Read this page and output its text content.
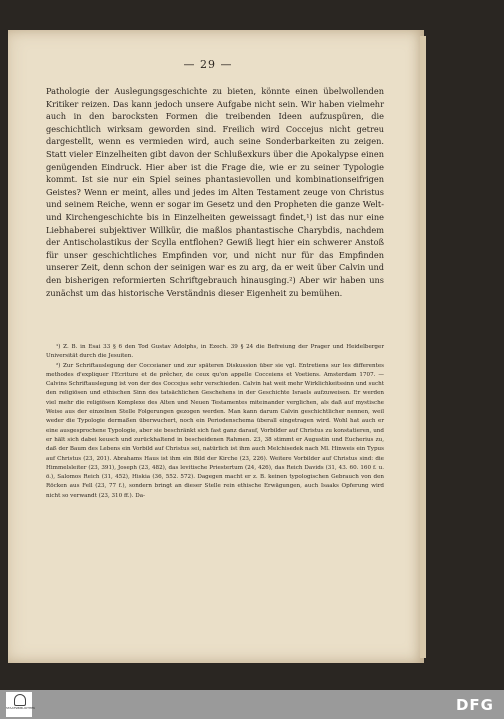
— 29 —

Pathologie der Auslegungsgeschichte zu bieten, könnte einen übelwollenden Kritiker reizen. Das kann jedoch unsere Aufgabe nicht sein. Wir haben vielmehr auch in den barocksten Formen die treibenden Ideen aufzuspüren, die geschichtlich wirksam geworden sind. Freilich wird Coccejus nicht getreu dargestellt, wenn es vermieden wird, auch seine Sonderbarkeiten zu zeigen. Statt vieler Einzelheiten gibt davon der Schlußexkurs über die Apokalypse einen genügenden Eindruck. Hier aber ist die Frage die, wie er zu seiner Typologie kommt. Ist sie nur ein Spiel seines phantasievollen und kombinationseifrigen Geistes? Wenn er meint, alles und jedes im Alten Testament zeuge von Christus und seinem Reiche, wenn er sogar im Gesetz und den Propheten die ganze Welt- und Kirchengeschichte bis in Einzelheiten geweissagt findet,¹) ist das nur eine Liebhaberei subjektiver Willkür, die maßlos phantastische Charybdis, nachdem der Antischolastikus der Scylla entflohen? Gewiß liegt hier ein schwerer Anstoß für unser geschichtliches Empfinden vor, und nicht nur für das Empfinden unserer Zeit, denn schon der seinigen war es zu arg, da er weit über Calvin und den bisherigen reformierten Schriftgebrauch hinausging.²) Aber wir haben uns zunächst um das historische Verständnis dieser Eigenheit zu bemühen.

¹) Z. B. in Esai 33 § 6 den Tod Gustav Adolphs, in Ezech. 39 § 24 die Befreiung der Prager und Heidelberger Universität durch die Jesuiten.

²) Zur Schriftauslegung der Cocceianer und zur späteren Diskussion über sie vgl. Entretiens sur les differentes methodes d'expliquer l'Ecriture et de prêcher, de ceux qu'on appelle Cocceiens et Voetiens. Amsterdam 1707. — Calvins Schriftauslegung ist von der des Coccejus sehr verschieden. Calvin hat weit mehr Wirklichkeitssinn und sucht den religiösen und ethischen Sinn des tatsächlichen Geschehens in der Geschichte Israels aufzuweisen. Er werden viel mehr die religiösen Komplexe des Alten und Neuen Testamentes miteinander verglichen, als daß auf mystische Weise aus der einzelnen Stelle Folgerungen gezogen werden. Man kann darum Calvin geschichtlicher nennen, weil weder die Typologie dermaßen überwuchert, noch ein Periodenschema überall eingetragen wird. Wohl hat auch er eine ausgesprochene Typologie, aber sie beschränkt sich fast ganz darauf, Vorbilder auf Christus zu konstatieren, und er hält sich dabei keusch und zurückhaltend in bescheidenen Rahmen. 23, 38 stimmt er Augustin und Eucherius zu, daß der Baum des Lebens ein Vorbild auf Christus sei, natürlich ist ihm auch Melchisedek nach Ml. Hinweis ein Typus auf Christus (23, 201). Abrahams Haus ist ihm ein Bild der Kirche (23, 226). Weitere Vorbilder auf Christus sind: die Himmelsleiter (23, 391), Joseph (23, 482), das levitische Priestertum (24, 426), das Reich Davids (31, 43. 60. 160 f. u. ö.), Salomos Reich (31, 452), Hiskia (36, 552. 572). Dagegen macht er z. B. keinen typologischen Gebrauch von den Röcken aus Fell (23, 77 f.), sondern bringt an dieser Stelle rein ethische Erwägungen, auch Isaaks Opferung wird nicht so verwandt (23, 310 ff.). Da-

STAATSBIBLIOTHEK	DFG
